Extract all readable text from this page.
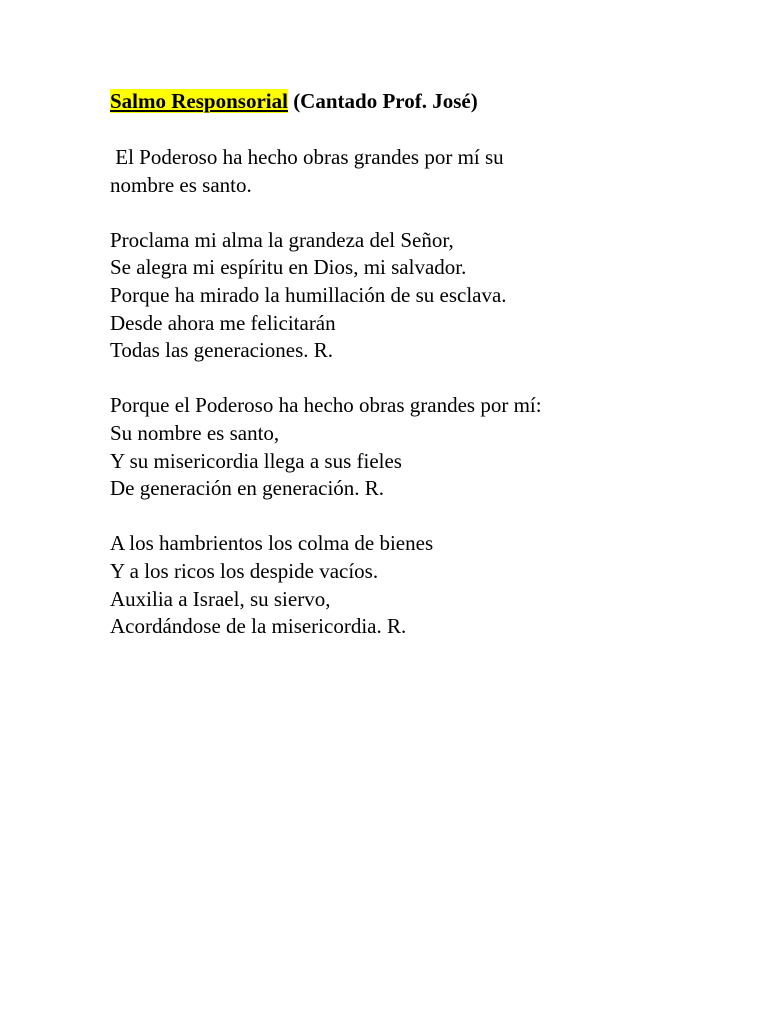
Salmo Responsorial (Cantado Prof. José)

El Poderoso ha hecho obras grandes por mí su
nombre es santo.
Proclama mi alma la grandeza del Señor,
Se alegra mi espíritu en Dios, mi salvador.
Porque ha mirado la humillación de su esclava.
Desde ahora me felicitarán
Todas las generaciones. R.
Porque el Poderoso ha hecho obras grandes por mí:
Su nombre es santo,
Y su misericordia llega a sus fieles
De generación en generación. R.
A los hambrientos los colma de bienes
Y a los ricos los despide vacíos.
Auxilia a Israel, su siervo,
Acordándose de la misericordia. R.
